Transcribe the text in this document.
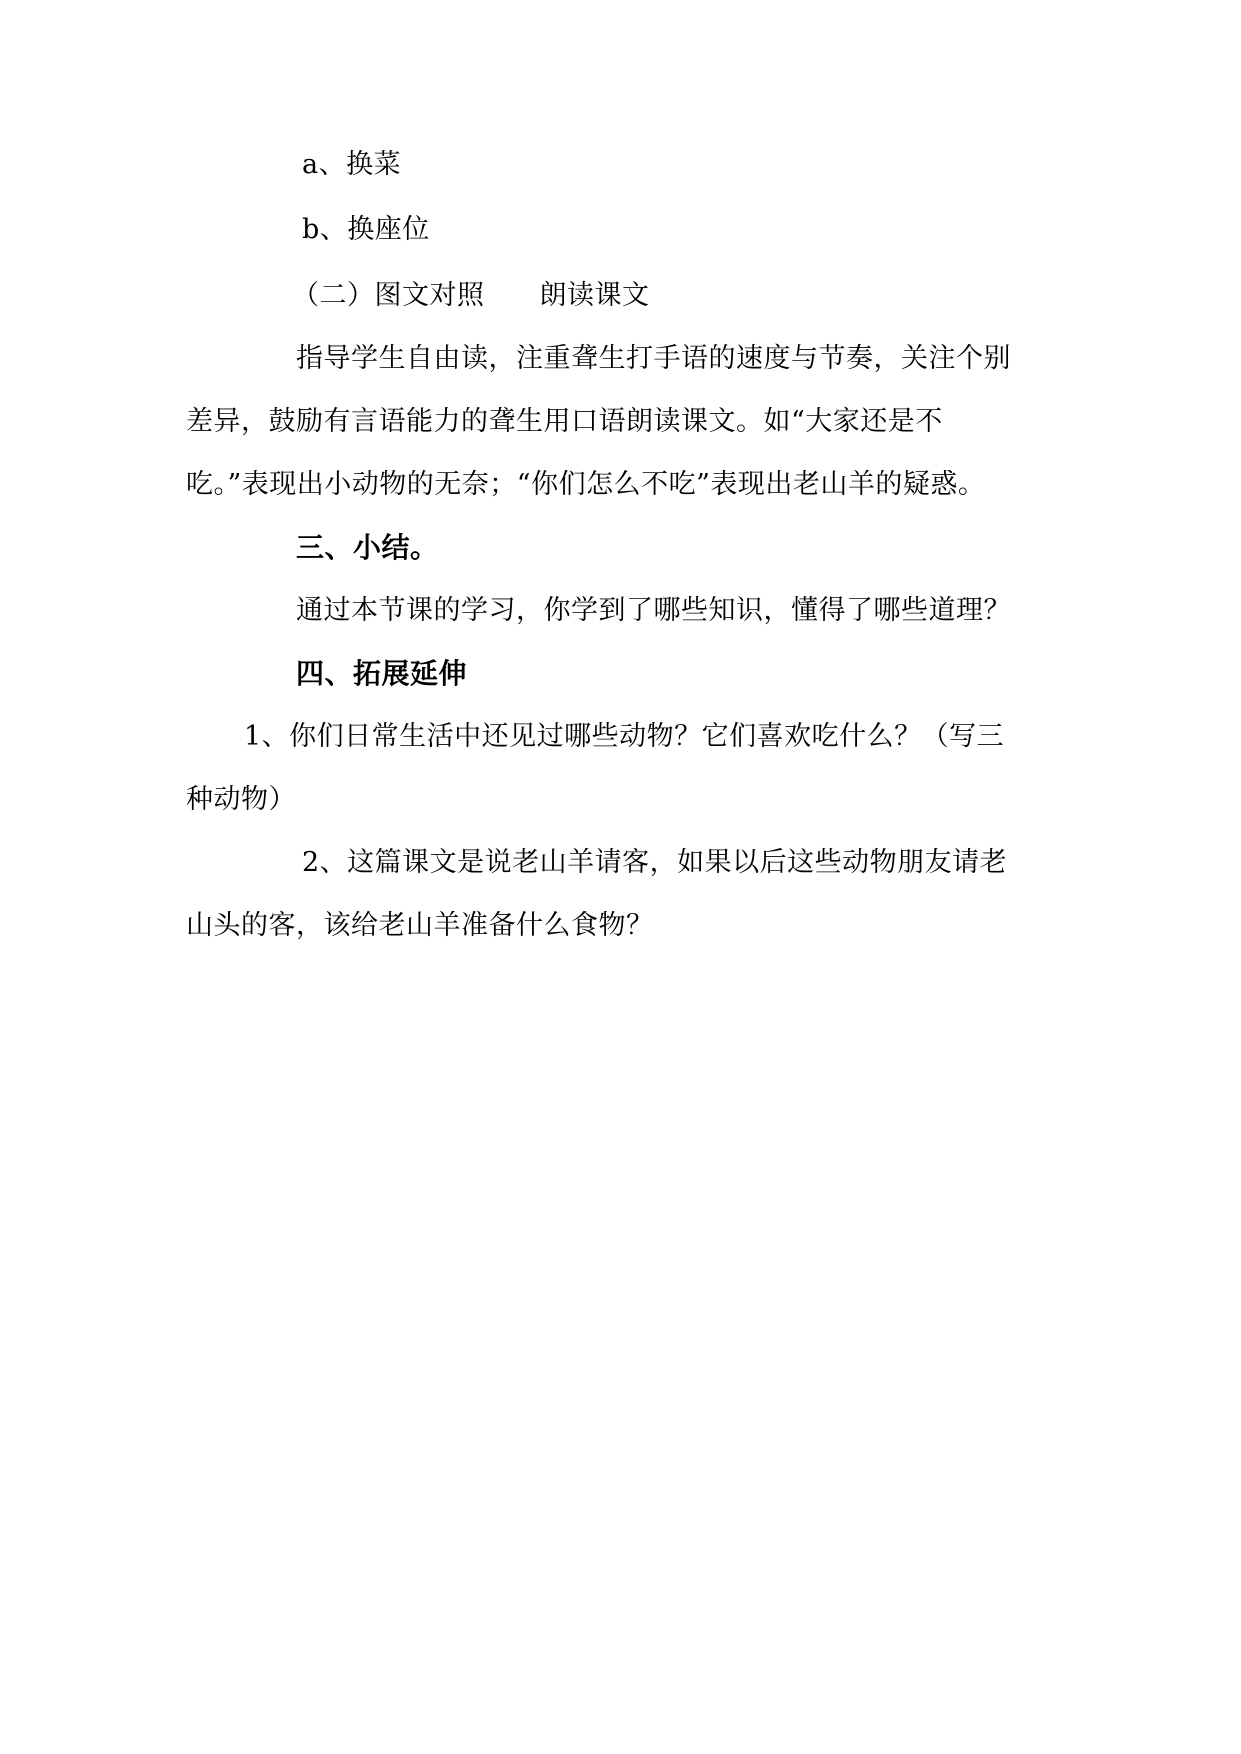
a、换菜
b、换座位
（二）图文对照　　朗读课文
指导学生自由读，注重聋生打手语的速度与节奏，关注个别
差异，鼓励有言语能力的聋生用口语朗读课文。如“大家还是不
吃。”表现出小动物的无奈；“你们怎么不吃”表现出老山羊的疑惑。
三、小结。
通过本节课的学习，你学到了哪些知识，懂得了哪些道理？
四、拓展延伸
1、你们日常生活中还见过哪些动物？它们喜欢吃什么？（写三
种动物）
2、这篇课文是说老山羊请客，如果以后这些动物朋友请老
山头的客，该给老山羊准备什么食物？
